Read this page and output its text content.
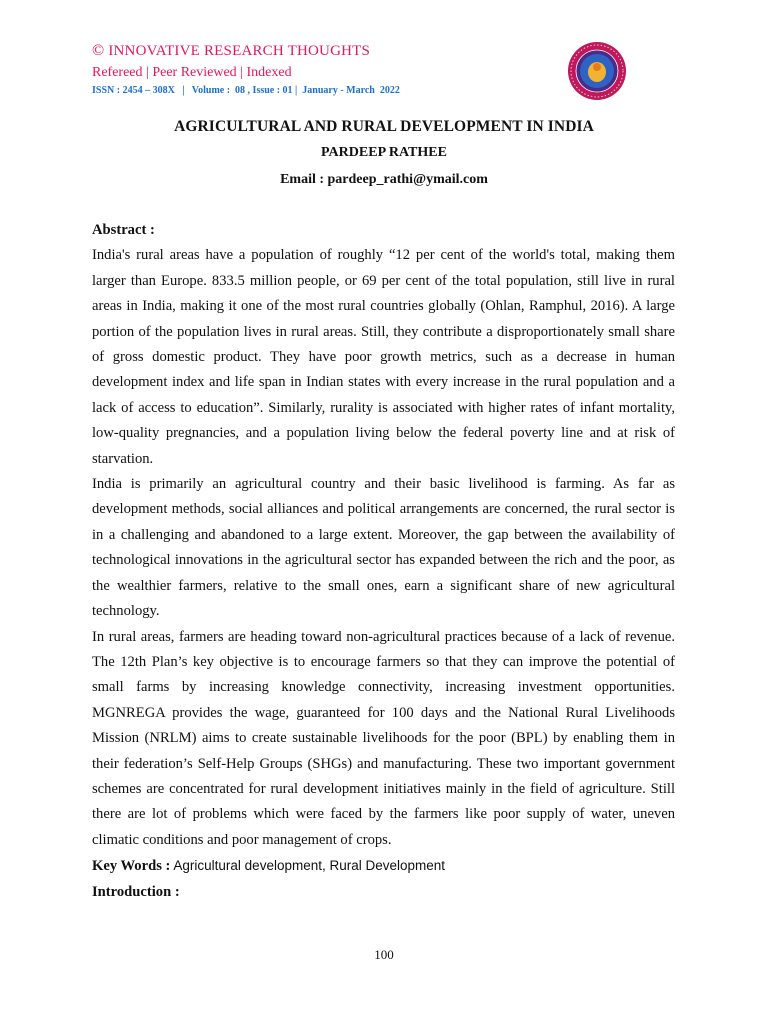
© INNOVATIVE RESEARCH THOUGHTS
Refereed | Peer Reviewed | Indexed
ISSN : 2454 – 308X   |   Volume :  08 , Issue : 01 |  January - March  2022
AGRICULTURAL AND RURAL DEVELOPMENT IN INDIA
PARDEEP RATHEE
Email : pardeep_rathi@ymail.com

Abstract :

India's rural areas have a population of roughly “12 per cent of the world's total, making them larger than Europe. 833.5 million people, or 69 per cent of the total population, still live in rural areas in India, making it one of the most rural countries globally (Ohlan, Ramphul, 2016). A large portion of the population lives in rural areas. Still, they contribute a disproportionately small share of gross domestic product. They have poor growth metrics, such as a decrease in human development index and life span in Indian states with every increase in the rural population and a lack of access to education”. Similarly, rurality is associated with higher rates of infant mortality, low-quality pregnancies, and a population living below the federal poverty line and at risk of starvation.

India is primarily an agricultural country and their basic livelihood is farming. As far as development methods, social alliances and political arrangements are concerned, the rural sector is in a challenging and abandoned to a large extent. Moreover, the gap between the availability of technological innovations in the agricultural sector has expanded between the rich and the poor, as the wealthier farmers, relative to the small ones, earn a significant share of new agricultural technology.

In rural areas, farmers are heading toward non-agricultural practices because of a lack of revenue. The 12th Plan’s key objective is to encourage farmers so that they can improve the potential of small farms by increasing knowledge connectivity, increasing investment opportunities. MGNREGA provides the wage, guaranteed for 100 days and the National Rural Livelihoods Mission (NRLM) aims to create sustainable livelihoods for the poor (BPL) by enabling them in their federation’s Self-Help Groups (SHGs) and manufacturing. These two important government schemes are concentrated for rural development initiatives mainly in the field of agriculture. Still there are lot of problems which were faced by the farmers like poor supply of water, uneven climatic conditions and poor management of crops.

Key Words : Agricultural development, Rural Development

Introduction :

100
